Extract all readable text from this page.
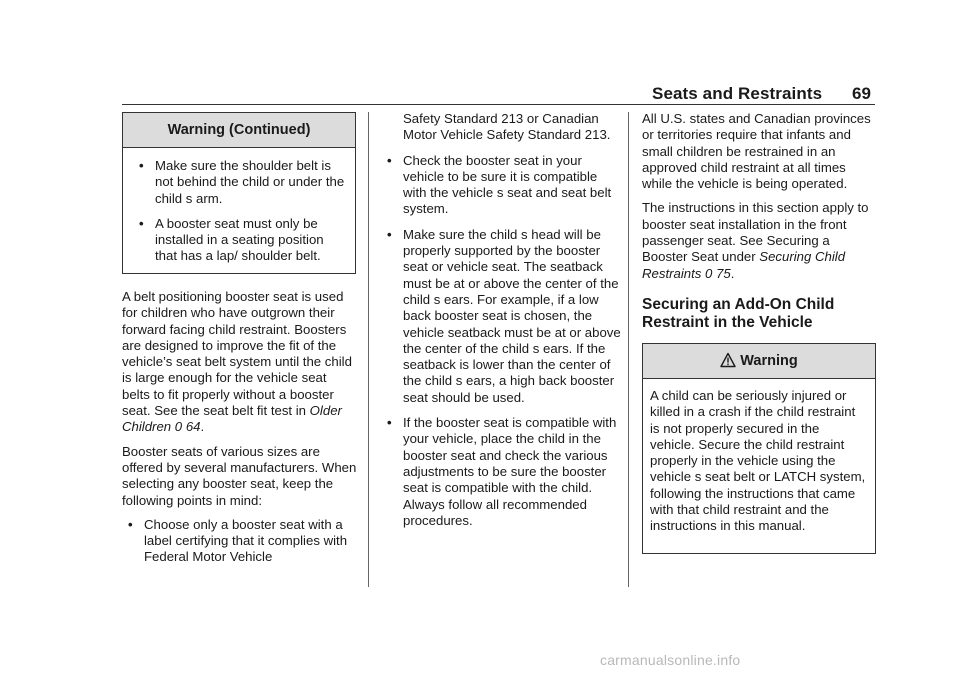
Seats and Restraints 69
Warning (Continued)
• Make sure the shoulder belt is not behind the child or under the child s arm.
• A booster seat must only be installed in a seating position that has a lap/ shoulder belt.

A belt positioning booster seat is used for children who have outgrown their forward facing child restraint. Boosters are designed to improve the fit of the vehicle’s seat belt system until the child is large enough for the vehicle seat belts to fit properly without a booster seat. See the seat belt fit test in Older Children 0 64.

Booster seats of various sizes are offered by several manufacturers. When selecting any booster seat, keep the following points in mind:

• Choose only a booster seat with a label certifying that it complies with Federal Motor Vehicle

Safety Standard 213 or Canadian Motor Vehicle Safety Standard 213.

• Check the booster seat in your vehicle to be sure it is compatible with the vehicle s seat and seat belt system.
• Make sure the child s head will be properly supported by the booster seat or vehicle seat. The seatback must be at or above the center of the child s ears. For example, if a low back booster seat is chosen, the vehicle seatback must be at or above the center of the child s ears. If the seatback is lower than the center of the child s ears, a high back booster seat should be used.
• If the booster seat is compatible with your vehicle, place the child in the booster seat and check the various adjustments to be sure the booster seat is compatible with the child. Always follow all recommended procedures.

All U.S. states and Canadian provinces or territories require that infants and small children be restrained in an approved child restraint at all times while the vehicle is being operated.

The instructions in this section apply to booster seat installation in the front passenger seat. See Securing a Booster Seat under Securing Child Restraints 0 75.

Securing an Add-On Child Restraint in the Vehicle
Warning
A child can be seriously injured or killed in a crash if the child restraint is not properly secured in the vehicle. Secure the child restraint properly in the vehicle using the vehicle s seat belt or LATCH system, following the instructions that came with that child restraint and the instructions in this manual.
carmanualsonline.info
